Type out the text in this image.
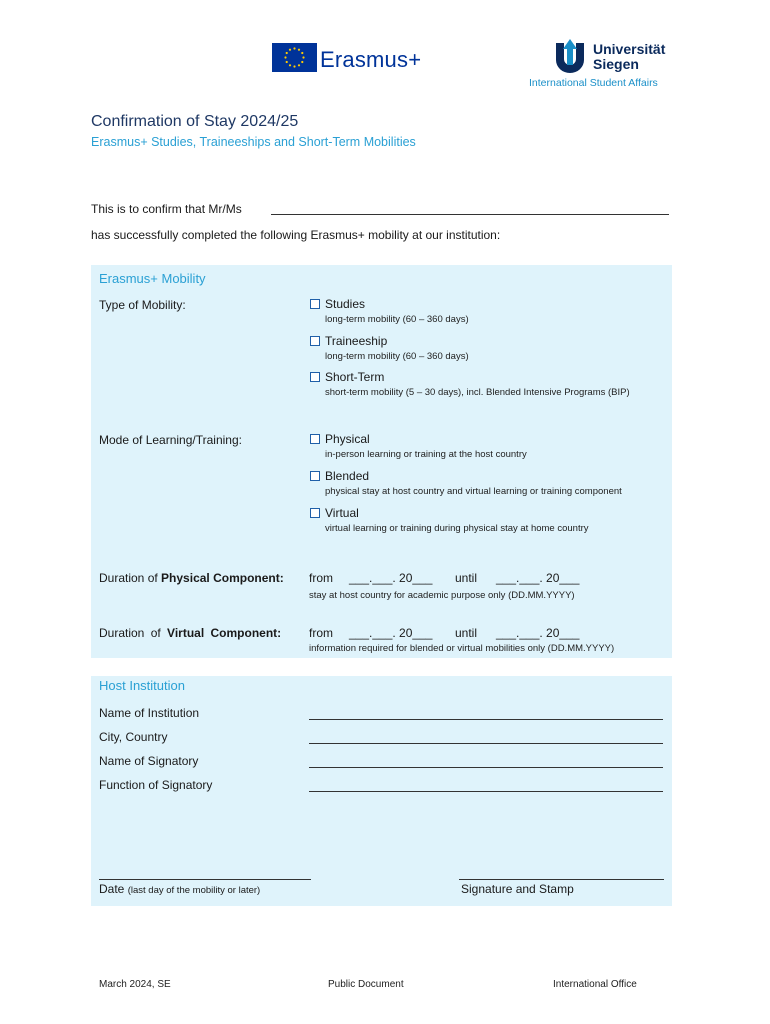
Erasmus+	Universität
Siegen
International Student Affairs
Confirmation of Stay 2024/25
Erasmus+ Studies, Traineeships and Short-Term Mobilities
This is to confirm that Mr/Ms
has successfully completed the following Erasmus+ mobility at our institution:
Erasmus+ Mobility
Type of Mobility:	Studies
long-term mobility (60 – 360 days)
Traineeship
long-term mobility (60 – 360 days)
Short-Term
short-term mobility (5 – 30 days), incl. Blended Intensive Programs (BIP)
Mode of Learning/Training:	Physical
in-person learning or training at the host country
Blended
physical stay at host country and virtual learning or training component
Virtual
virtual learning or training during physical stay at home country
Duration of Physical Component: from ___.___. 20___ until ___.___. 20___
stay at host country for academic purpose only (DD.MM.YYYY)
Duration of Virtual Component: from ___.___. 20___ until ___.___. 20___
information required for blended or virtual mobilities only (DD.MM.YYYY)
Host Institution
Name of Institution
City, Country
Name of Signatory
Function of Signatory
Date (last day of the mobility or later)	Signature and Stamp
March 2024, SE	Public Document	International Office
